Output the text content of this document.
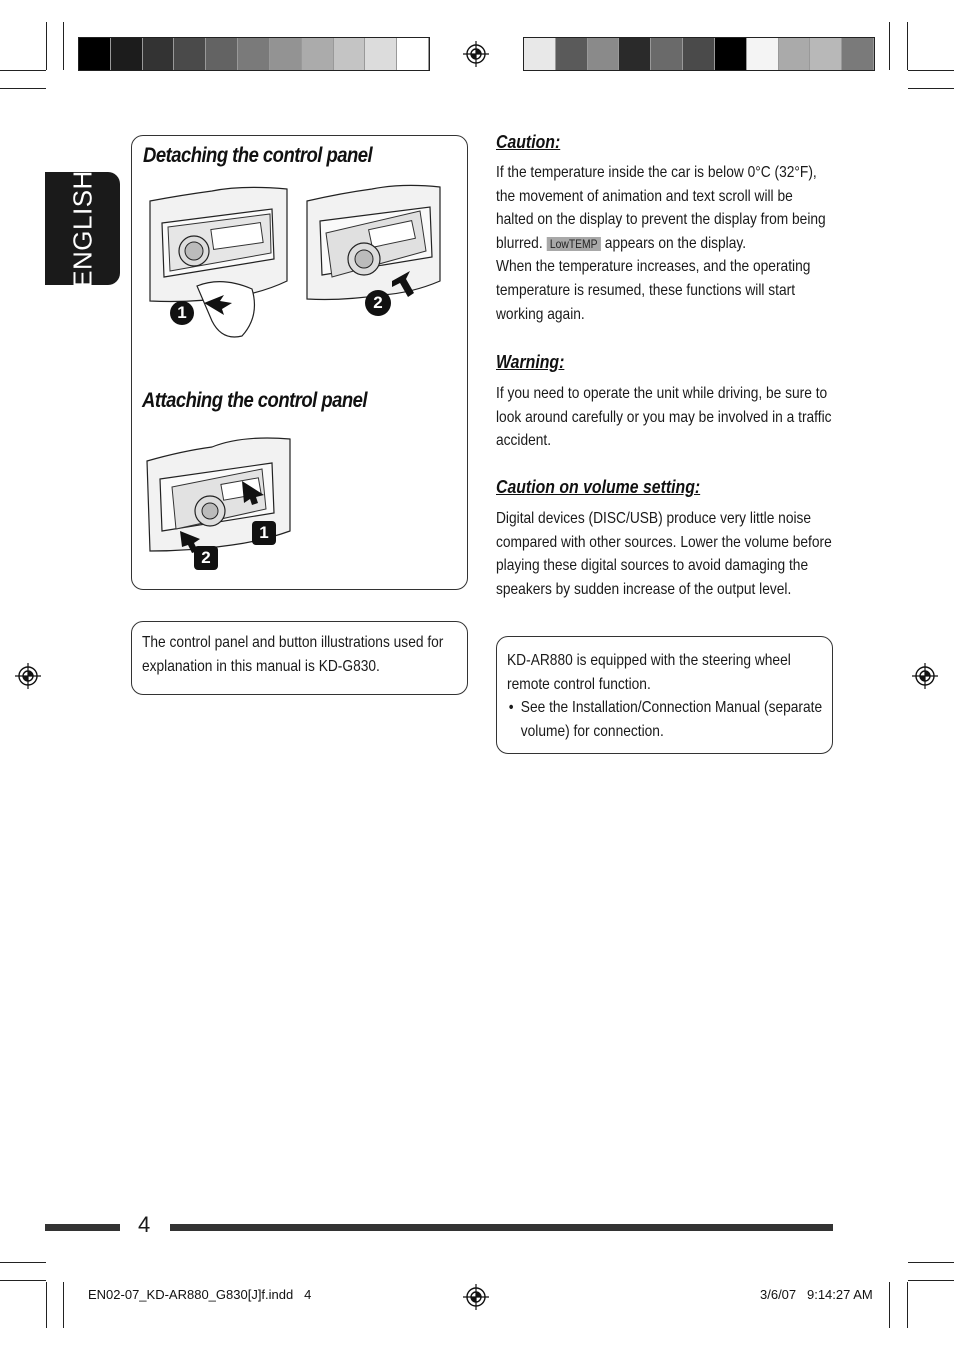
ENGLISH
Detaching the control panel
1
2
Attaching the control panel
1
2
The control panel and button illustrations used for explanation in this manual is KD-G830.
Caution:
If the temperature inside the car is below 0°C (32°F), the movement of animation and text scroll will be halted on the display to prevent the display from being blurred. LowTEMP appears on the display.
When the temperature increases, and the operating temperature is resumed, these functions will start working again.
Warning:
If you need to operate the unit while driving, be sure to look around carefully or you may be involved in a traffic accident.
Caution on volume setting:
Digital devices (DISC/USB) produce very little noise compared with other sources. Lower the volume before playing these digital sources to avoid damaging the speakers by sudden increase of the output level.
KD-AR880 is equipped with the steering wheel remote control function.
• See the Installation/Connection Manual (separate volume) for connection.
4
EN02-07_KD-AR880_G830[J]f.indd   4	3/6/07   9:14:27 AM
